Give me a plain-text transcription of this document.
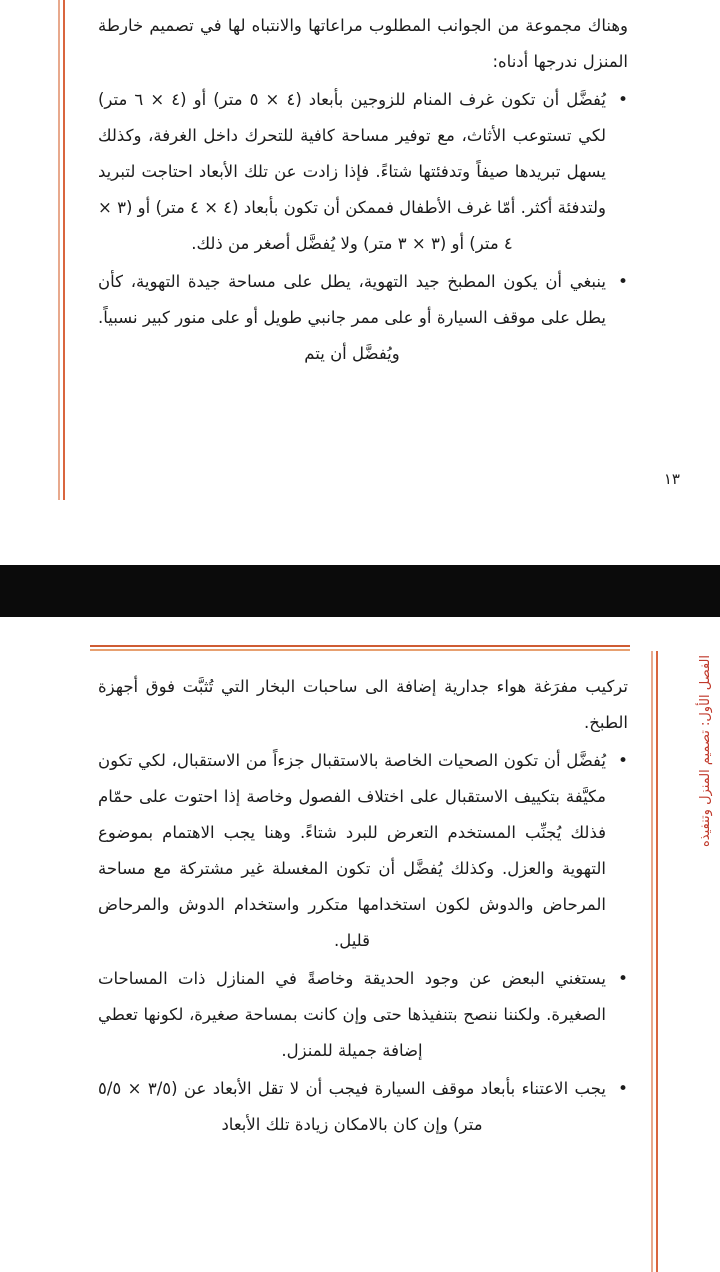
وهناك مجموعة من الجوانب المطلوب مراعاتها والانتباه لها في تصميم خارطة المنزل ندرجها أدناه:

• يُفضَّل أن تكون غرف المنام للزوجين بأبعاد (٤ × ٥ متر) أو (٤ × ٦ متر) لكي تستوعب الأثاث، مع توفير مساحة كافية للتحرك داخل الغرفة، وكذلك يسهل تبريدها صيفاً وتدفئتها شتاءً. فإذا زادت عن تلك الأبعاد احتاجت لتبريد ولتدفئة أكثر. أمّا غرف الأطفال فممكن أن تكون بأبعاد (٤ × ٤ متر) أو (٣ × ٤ متر) أو (٣ × ٣ متر) ولا يُفضَّل أصغر من ذلك.
• ينبغي أن يكون المطبخ جيد التهوية، يطل على مساحة جيدة التهوية، كأن يطل على موقف السيارة أو على ممر جانبي طويل أو على منور كبير نسبياً. ويُفضَّل أن يتم
١٣
الفصل الأول: تصميم المنزل وتنفيذه

تركيب مفرَغة هواء جدارية إضافة الى ساحبات البخار التي تُثبَّت فوق أجهزة الطبخ.

• يُفضَّل أن تكون الصحيات الخاصة بالاستقبال جزءاً من الاستقبال، لكي تكون مكيَّفة بتكييف الاستقبال على اختلاف الفصول وخاصة إذا احتوت على حمّام فذلك يُجنِّب المستخدم التعرض للبرد شتاءً. وهنا يجب الاهتمام بموضوع التهوية والعزل. وكذلك يُفضَّل أن تكون المغسلة غير مشتركة مع مساحة المرحاض والدوش لكون استخدامها متكرر واستخدام الدوش والمرحاض قليل.
• يستغني البعض عن وجود الحديقة وخاصةً في المنازل ذات المساحات الصغيرة. ولكننا ننصح بتنفيذها حتى وإن كانت بمساحة صغيرة، لكونها تعطي إضافة جميلة للمنزل.
• يجب الاعتناء بأبعاد موقف السيارة فيجب أن لا تقل الأبعاد عن (٣/٥ × ٥/٥ متر) وإن كان بالامكان زيادة تلك الأبعاد
